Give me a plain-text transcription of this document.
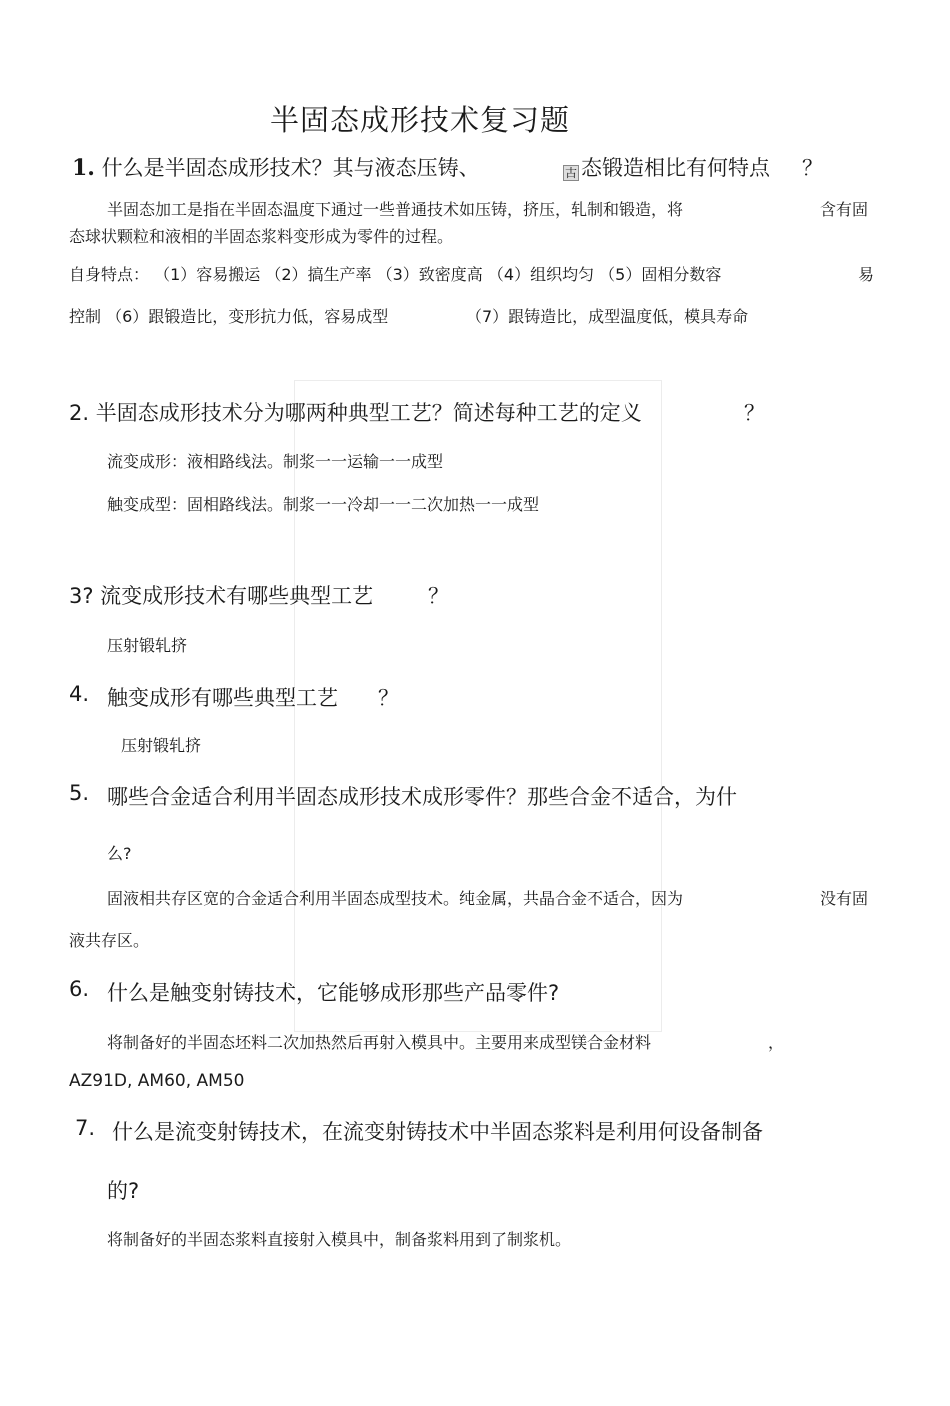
半固态成形技术复习题
1. 什么是半固态成形技术？其与液态压铸、	古 态锻造相比有何特点 ？
半固态加工是指在半固态温度下通过一些普通技术如压铸，挤压，轧制和锻造，将	含有固
态球状颗粒和液相的半固态浆料变形成为零件的过程。
自身特点： （1）容易搬运 （2）搞生产率 （3）致密度高 （4）组织均匀 （5）固相分数容	易
控制 （6）跟锻造比，变形抗力低，容易成型	（7）跟铸造比，成型温度低，模具寿命
2. 半固态成形技术分为哪两种典型工艺？简述每种工艺的定义	？
流变成形：液相路线法。制浆一一运输一一成型
触变成型：固相路线法。制浆一一冷却一一二次加热一一成型
3? 流变成形技术有哪些典型工艺	？
压射锻轧挤
4. 触变成形有哪些典型工艺 ？
压射锻轧挤
5. 哪些合金适合利用半固态成形技术成形零件？那些合金不适合，为什
么?
固液相共存区宽的合金适合利用半固态成型技术。纯金属，共晶合金不适合，因为	没有固
液共存区。
6. 什么是触变射铸技术，它能够成形那些产品零件?
将制备好的半固态坯料二次加热然后再射入模具中。主要用来成型镁合金材料	，
AZ91D, AM60, AM50
7. 什么是流变射铸技术，在流变射铸技术中半固态浆料是利用何设备制备
的?
将制备好的半固态浆料直接射入模具中，制备浆料用到了制浆机。
